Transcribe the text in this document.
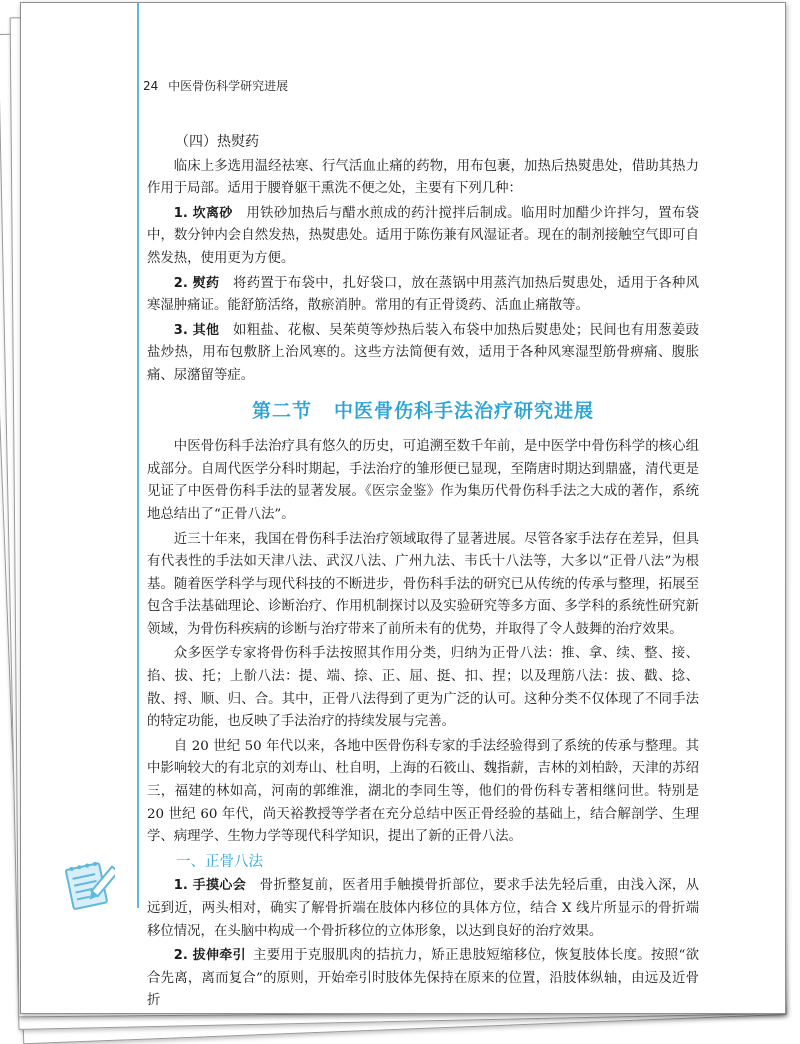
24 中医骨伤科学研究进展

（四）热熨药

临床上多选用温经祛寒、行气活血止痛的药物，用布包裹，加热后热熨患处，借助其热力作用于局部。适用于腰脊躯干熏洗不便之处，主要有下列几种：

1. 坎离砂  用铁砂加热后与醋水煎成的药汁搅拌后制成。临用时加醋少许拌匀，置布袋中，数分钟内会自然发热，热熨患处。适用于陈伤兼有风湿证者。现在的制剂接触空气即可自然发热，使用更为方便。

2. 熨药  将药置于布袋中，扎好袋口，放在蒸锅中用蒸汽加热后熨患处，适用于各种风寒湿肿痛证。能舒筋活络，散瘀消肿。常用的有正骨烫药、活血止痛散等。

3. 其他  如粗盐、花椒、吴茱萸等炒热后装入布袋中加热后熨患处；民间也有用葱姜豉盐炒热，用布包敷脐上治风寒的。这些方法简便有效，适用于各种风寒湿型筋骨痹痛、腹胀痛、尿潴留等症。

第二节 中医骨伤科手法治疗研究进展

中医骨伤科手法治疗具有悠久的历史，可追溯至数千年前，是中医学中骨伤科学的核心组成部分。自周代医学分科时期起，手法治疗的雏形便已显现，至隋唐时期达到鼎盛，清代更是见证了中医骨伤科手法的显著发展。《医宗金鉴》作为集历代骨伤科手法之大成的著作，系统地总结出了“正骨八法”。

近三十年来，我国在骨伤科手法治疗领域取得了显著进展。尽管各家手法存在差异，但具有代表性的手法如天津八法、武汉八法、广州九法、韦氏十八法等，大多以“正骨八法”为根基。随着医学科学与现代科技的不断进步，骨伤科手法的研究已从传统的传承与整理，拓展至包含手法基础理论、诊断治疗、作用机制探讨以及实验研究等多方面、多学科的系统性研究新领域，为骨伤科疾病的诊断与治疗带来了前所未有的优势，并取得了令人鼓舞的治疗效果。

众多医学专家将骨伤科手法按照其作用分类，归纳为正骨八法：推、拿、续、整、接、掐、拔、托；上骱八法：提、端、捺、正、屈、挺、扣、捏；以及理筋八法：拔、戳、捻、散、捋、顺、归、合。其中，正骨八法得到了更为广泛的认可。这种分类不仅体现了不同手法的特定功能，也反映了手法治疗的持续发展与完善。

自 20 世纪 50 年代以来，各地中医骨伤科专家的手法经验得到了系统的传承与整理。其中影响较大的有北京的刘寿山、杜自明，上海的石筱山、魏指薪，吉林的刘柏龄，天津的苏绍三，福建的林如高，河南的郭维淮，湖北的李同生等，他们的骨伤科专著相继问世。特别是 20 世纪 60 年代，尚天裕教授等学者在充分总结中医正骨经验的基础上，结合解剖学、生理学、病理学、生物力学等现代科学知识，提出了新的正骨八法。

一、正骨八法

1. 手摸心会  骨折整复前，医者用手触摸骨折部位，要求手法先轻后重，由浅入深，从远到近，两头相对，确实了解骨折端在肢体内移位的具体方位，结合 X 线片所显示的骨折端移位情况，在头脑中构成一个骨折移位的立体形象，以达到良好的治疗效果。

2. 拔伸牵引  主要用于克服肌肉的拮抗力，矫正患肢短缩移位，恢复肢体长度。按照“欲合先离，离而复合”的原则，开始牵引时肢体先保持在原来的位置，沿肢体纵轴，由远及近骨折
